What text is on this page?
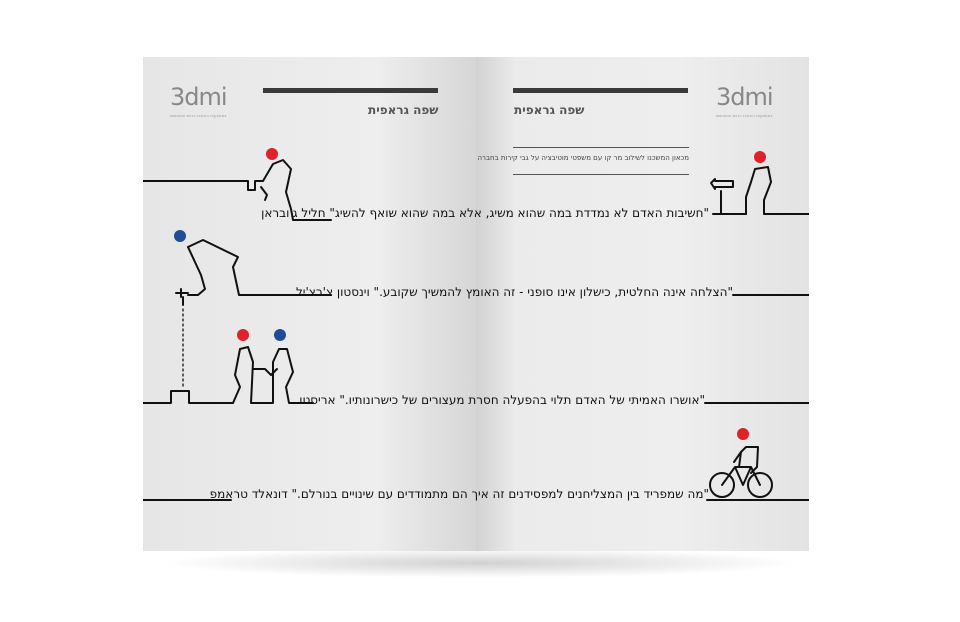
3dmi
באמצעות הורטכנ כרוים ובמאשים	שפה גראפית	שפה גראפית	3dmi
באמצעות הורטכנ כרוים ובמאשים
מכאון המשכנו לשילוב מר קו עם משפטי מוטיבציה על גבי קירות בחברה
"חשיבות האדם לא נמדדת במה שהוא משיג, אלא במה שהוא שואף להשיג" חליל ג'ובראן
"הצלחה אינה החלטית, כישלון אינו סופני - זה האומץ להמשיך שקובע." וינסטון צ'רצ'יל
"אושרו האמיתי של האדם תלוי בהפעלה חסרת מעצורים של כישרונותיו." אריסטו
"מה שמפריד בין המצליחנים למפסידנים זה איך הם מתמודדים עם שינויים בנורלם." דונאלד טראמפ
